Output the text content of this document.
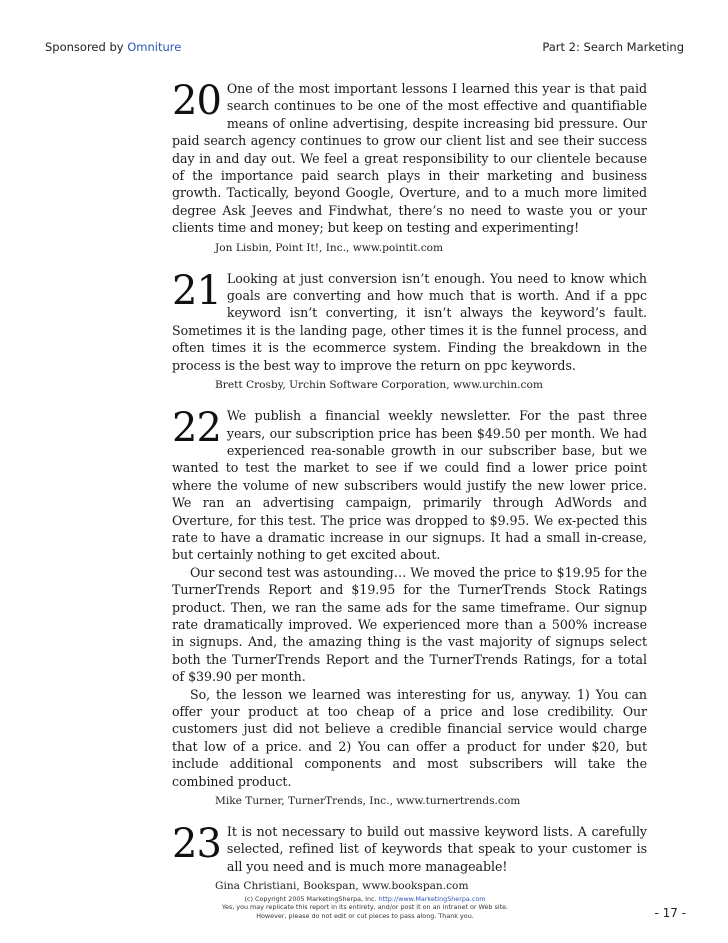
Sponsored by Omniture	Part 2: Search Marketing
20 One of the most important lessons I learned this year is that paid search continues to be one of the most effective and quantifiable means of online advertising, despite increasing bid pressure. Our paid search agency continues to grow our client list and see their success day in and day out. We feel a great responsibility to our clientele because of the importance paid search plays in their marketing and business growth. Tactically, beyond Google, Overture, and to a much more limited degree Ask Jeeves and Findwhat, there’s no need to waste you or your clients time and money; but keep on testing and experimenting!

Jon Lisbin, Point It!, Inc., www.pointit.com
21 Looking at just conversion isn’t enough. You need to know which goals are converting and how much that is worth. And if a ppc keyword isn’t converting, it isn’t always the keyword’s fault. Sometimes it is the landing page, other times it is the funnel process, and often times it is the ecommerce system. Finding the breakdown in the process is the best way to improve the return on ppc keywords.

Brett Crosby, Urchin Software Corporation, www.urchin.com
22 We publish a financial weekly newsletter. For the past three years, our subscription price has been $49.50 per month. We had experienced rea-sonable growth in our subscriber base, but we wanted to test the market to see if we could find a lower price point where the volume of new subscribers would justify the new lower price. We ran an advertising campaign, primarily through AdWords and Overture, for this test. The price was dropped to $9.95. We ex-pected this rate to have a dramatic increase in our signups. It had a small in-crease, but certainly nothing to get excited about.

Our second test was astounding… We moved the price to $19.95 for the TurnerTrends Report and $19.95 for the TurnerTrends Stock Ratings product. Then, we ran the same ads for the same timeframe. Our signup rate dramatically improved. We experienced more than a 500% increase in signups. And, the amazing thing is the vast majority of signups select both the TurnerTrends Report and the TurnerTrends Ratings, for a total of $39.90 per month.

So, the lesson we learned was interesting for us, anyway. 1) You can offer your product at too cheap of a price and lose credibility. Our customers just did not believe a credible financial service would charge that low of a price. and 2) You can offer a product for under $20, but include additional components and most subscribers will take the combined product.

Mike Turner, TurnerTrends, Inc., www.turnertrends.com
23 It is not necessary to build out massive keyword lists. A carefully selected, refined list of keywords that speak to your customer is all you need and is much more manageable!

Gina Christiani, Bookspan, www.bookspan.com
(c) Copyright 2005 MarketingSherpa, Inc. http://www.MarketingSherpa.com
Yes, you may replicate this report in its entirety, and/or post it on an intranet or Web site.
However, please do not edit or cut pieces to pass along. Thank you.	- 17 -
